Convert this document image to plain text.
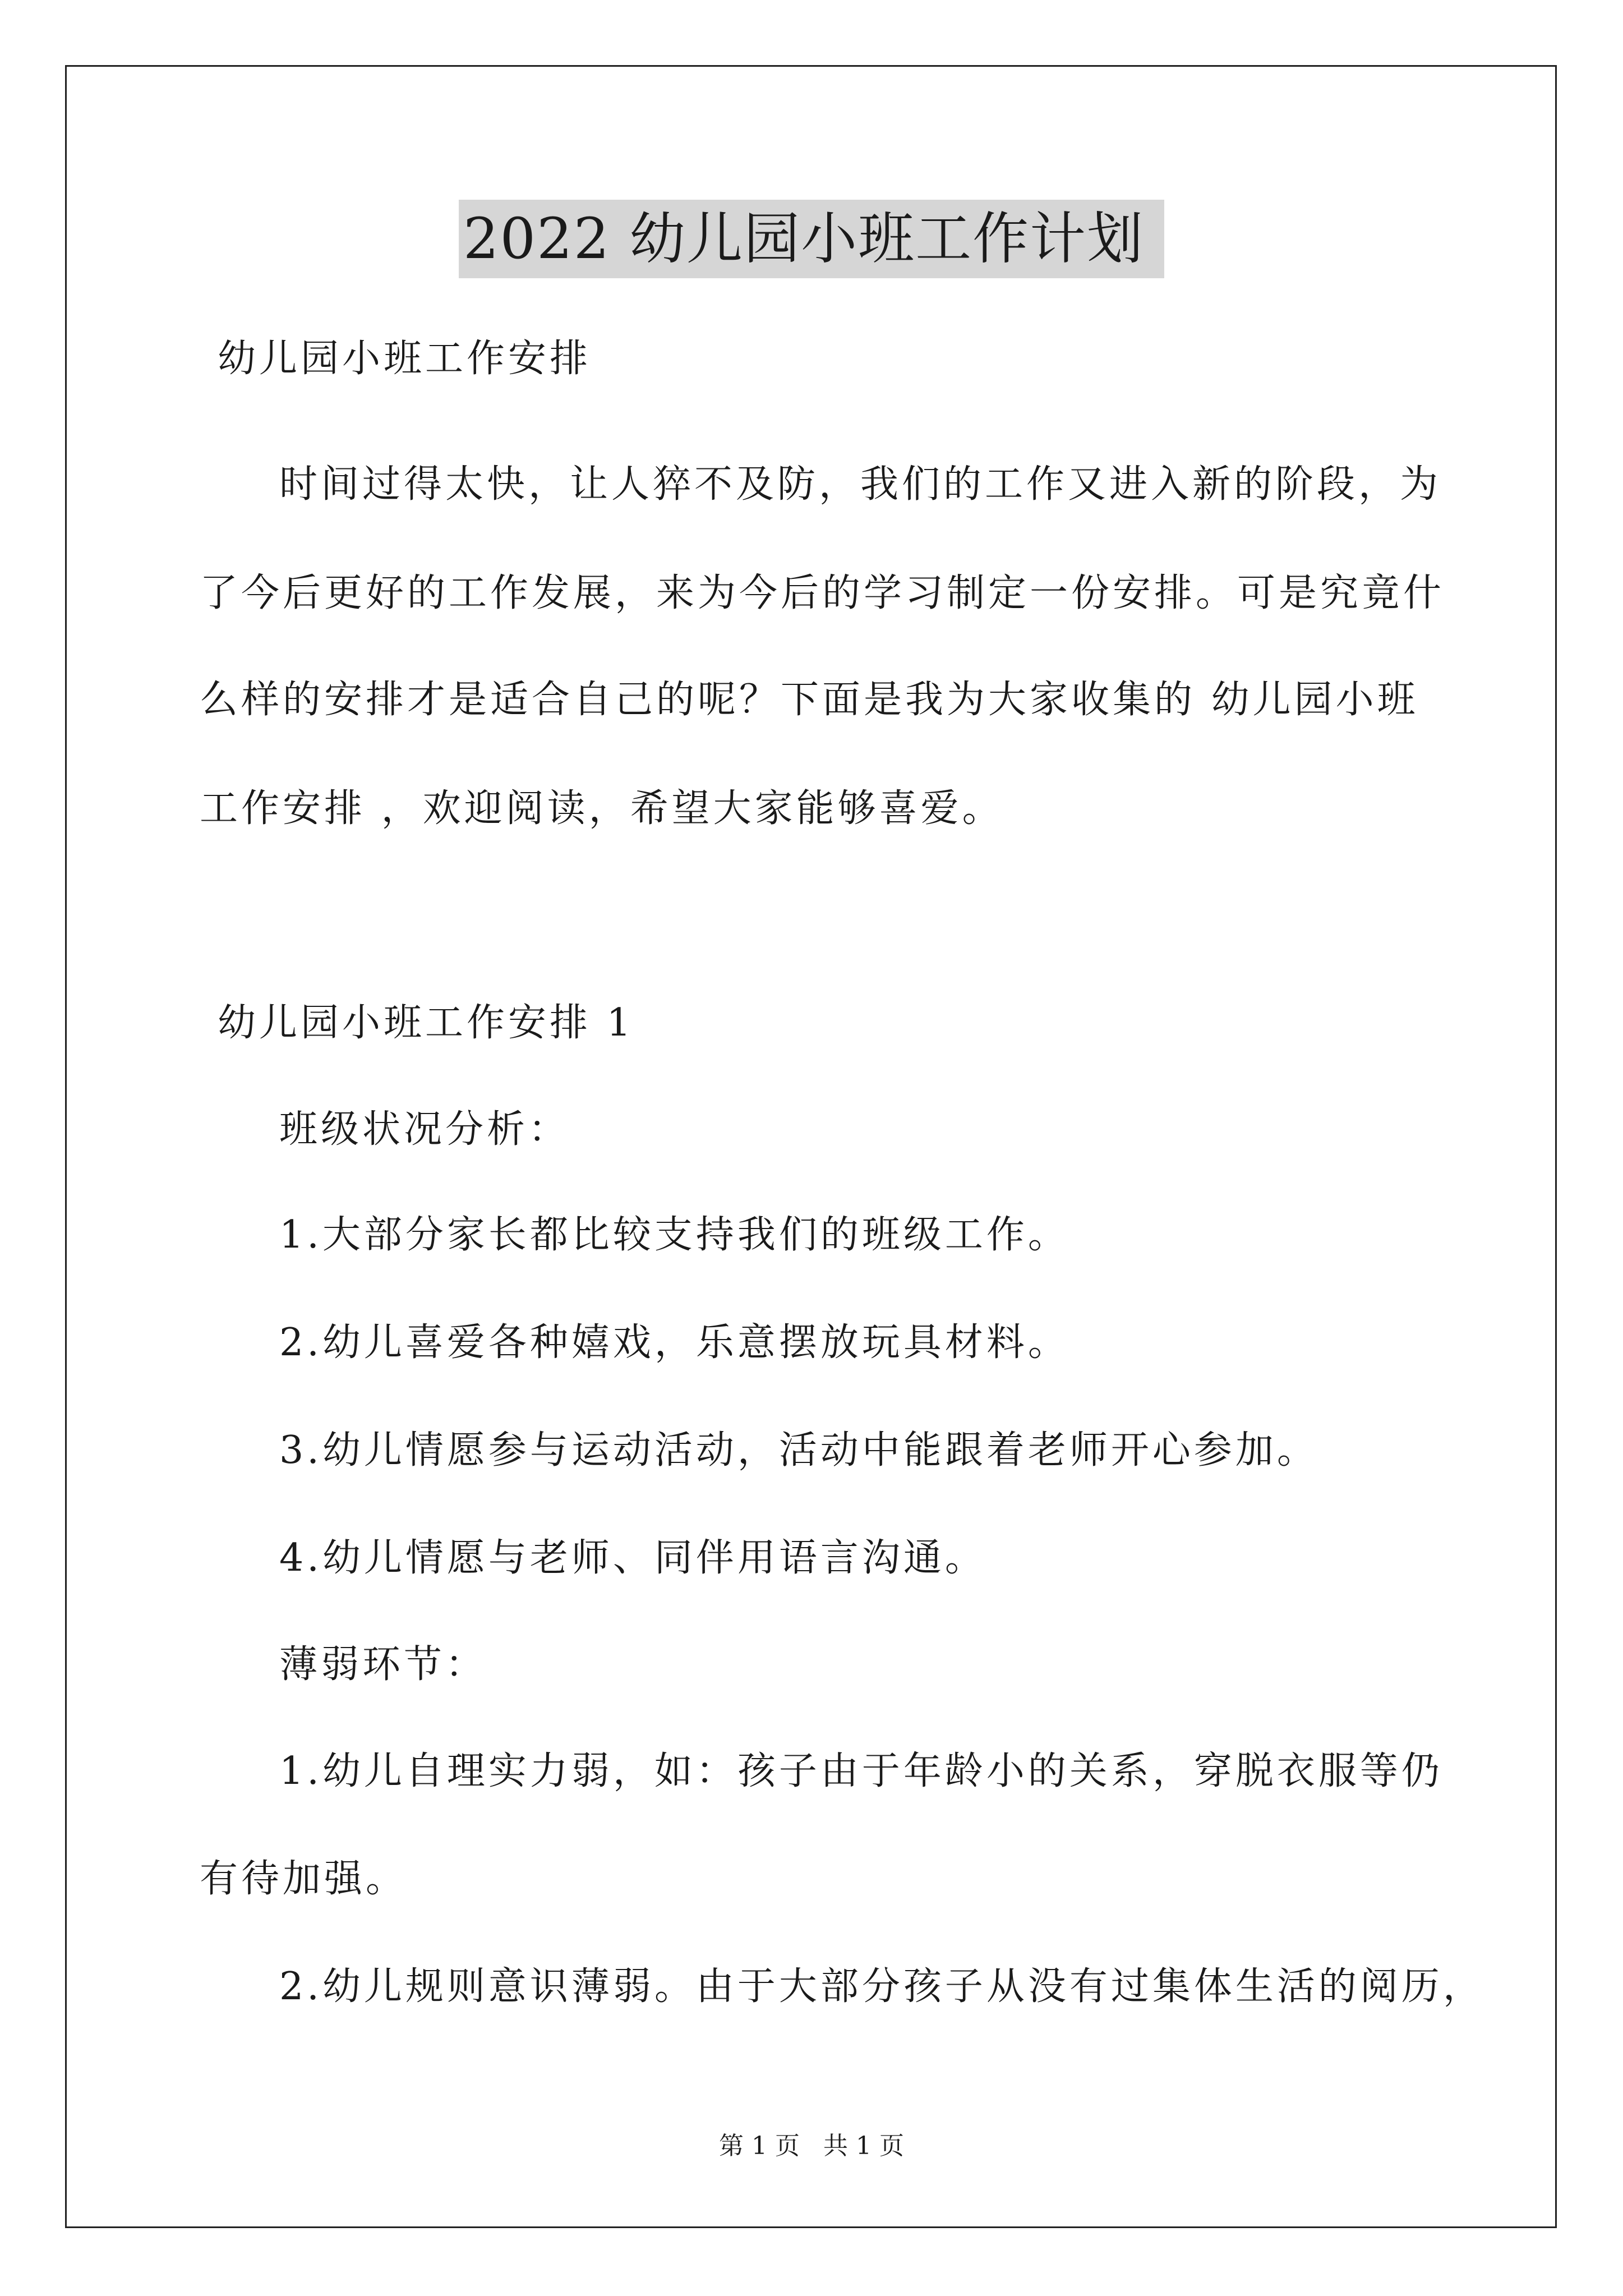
2022 幼儿园小班工作计划
幼儿园小班工作安排
时间过得太快，让人猝不及防，我们的工作又进入新的阶段，为
了今后更好的工作发展，来为今后的学习制定一份安排。可是究竟什
么样的安排才是适合自己的呢？下面是我为大家收集的 幼儿园小班
工作安排 ，欢迎阅读，希望大家能够喜爱。
幼儿园小班工作安排 1
班级状况分析：
1.大部分家长都比较支持我们的班级工作。
2.幼儿喜爱各种嬉戏，乐意摆放玩具材料。
3.幼儿情愿参与运动活动，活动中能跟着老师开心参加。
4.幼儿情愿与老师、同伴用语言沟通。
薄弱环节：
1.幼儿自理实力弱，如：孩子由于年龄小的关系，穿脱衣服等仍
有待加强。
2.幼儿规则意识薄弱。由于大部分孩子从没有过集体生活的阅历，
第 1 页 共 1 页
